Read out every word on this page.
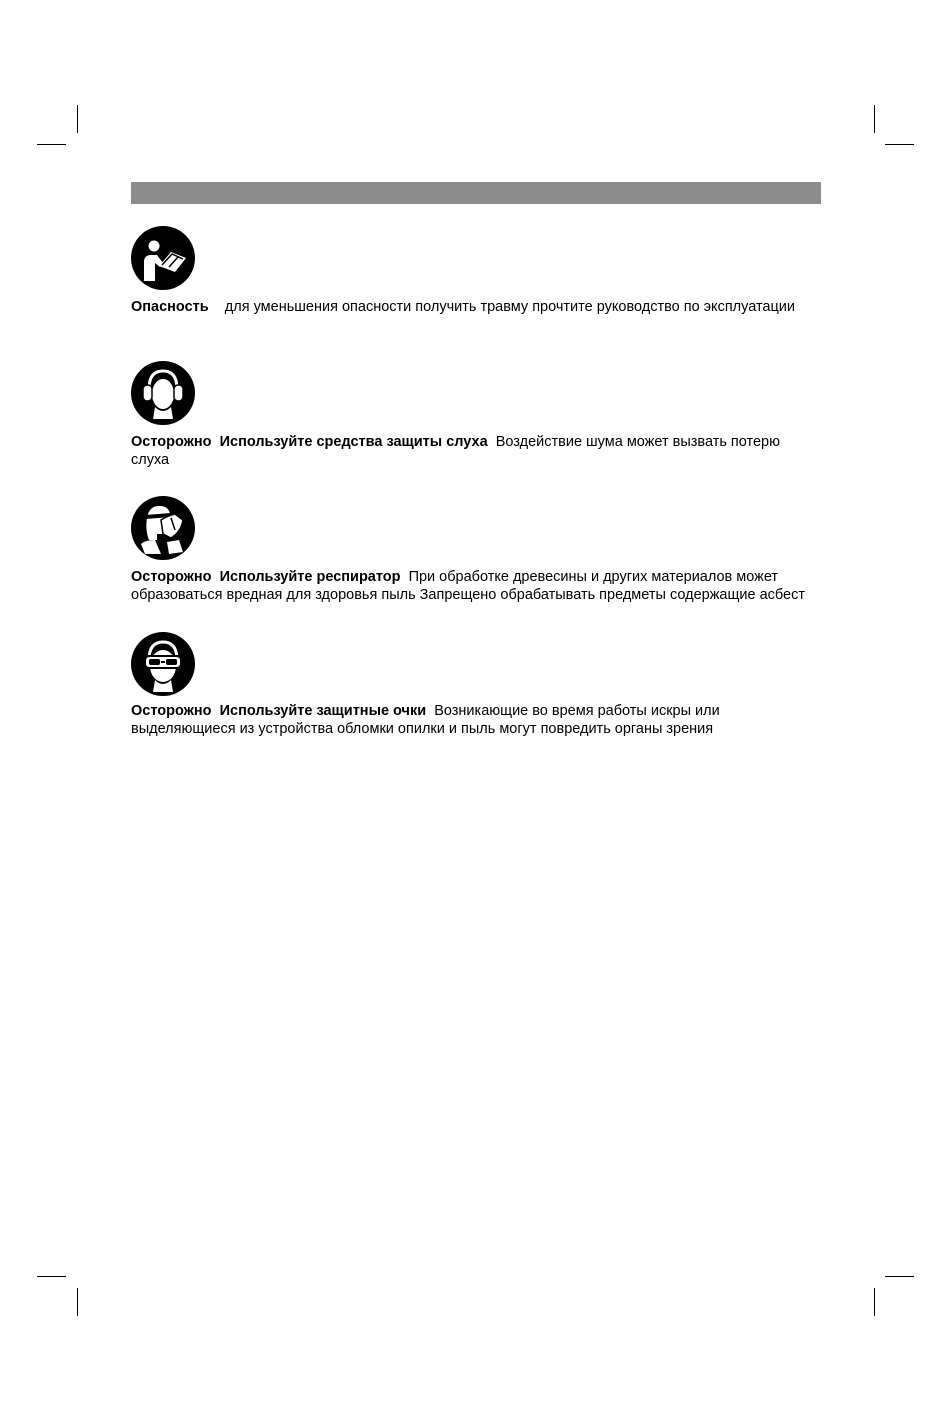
Опасность для уменьшения опасности получить травму прочтите руководство по эксплуатации
Осторожно Используйте средства защиты слуха Воздействие шума может вызвать потерю слуха
Осторожно Используйте респиратор При обработке древесины и других материалов может образоваться вредная для здоровья пыль Запрещено обрабатывать предметы содержащие асбест
Осторожно Используйте защитные очки Возникающие во время работы искры или выделяющиеся из устройства обломки опилки и пыль могут повредить органы зрения
